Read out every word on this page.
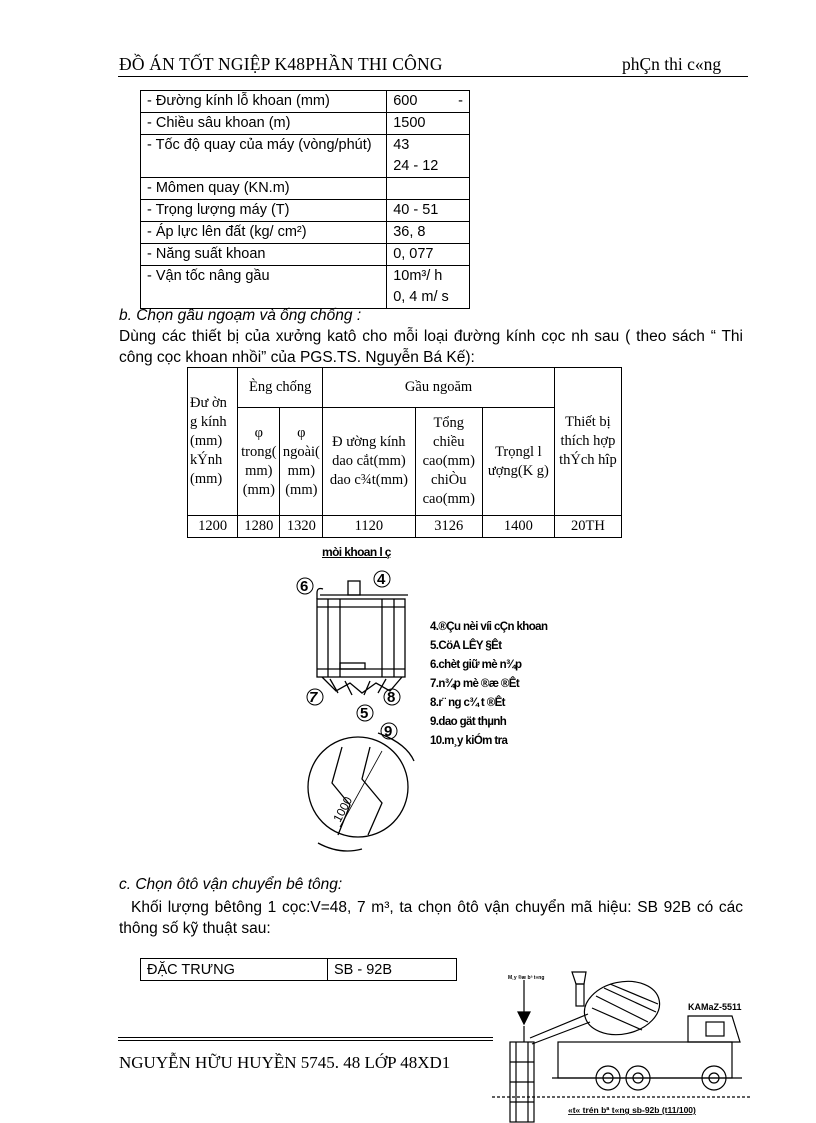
ĐỒ ÁN TỐT NGIỆP K48PHẦN THI CÔNG	phÇn thi c«ng
- Đường kính lỗ khoan (mm)	600 -

- Chiều sâu khoan (m)	1500

- Tốc độ quay của máy (vòng/phút)	43
24 - 12
- Mômen quay (KN.m)	
- Trọng lượng máy (T)	40 - 51
- Áp lực lên đất (kg/ cm²)	36, 8
- Năng suất khoan	0, 077
- Vận tốc nâng gầu	10m³/ h
0, 4 m/ s
b. Chọn gầu ngoạm và ống chống :
Dùng các thiết bị của xưởng katô cho mỗi loại đường kính cọc nh sau ( theo sách “ Thi công cọc khoan nhồi” của PGS.TS. Nguyễn Bá Kế):
Đư ờn g kính (mm) kÝnh (mm)	Èng chống		Gầu ngoăm			Thiết bị thích hợp thÝch hîp
	φ trong( mm) (mm)	φ ngoài( mm) (mm)	Đ ường kính dao cắt(mm) dao c¾t(mm)	Tổng chiều cao(mm) chiÒu cao(mm)	Trọngl l ượng(K g)	
1200	1280	1320	1120	3126	1400	20TH
mòi khoan l ç
6	4
7	8
5
9
1000
4.®Çu nèi víi cÇn khoan
5.CöA LÊY §Êt
6.chèt giữ mè n¾p
7.n¾p mè ®æ ®Êt
8.r¨ ng c¾ t ®Êt
9.dao gät thµnh
10.m¸y kiÓm tra
c. Chọn ôtô vận chuyển bê tông:
Khối lượng bêtông 1 cọc:V=48, 7 m³, ta chọn ôtô vận chuyển mã hiệu: SB 92B có các thông số kỹ thuật sau:
ĐẶC TRƯNG	SB - 92B
M¸y ®æ bª t«ng
KAMaZ-5511
«t« trén bª t«ng sb-92b (t11/100)
NGUYỄN HỮU HUYỀN 5745. 48 LỚP 48XD1
